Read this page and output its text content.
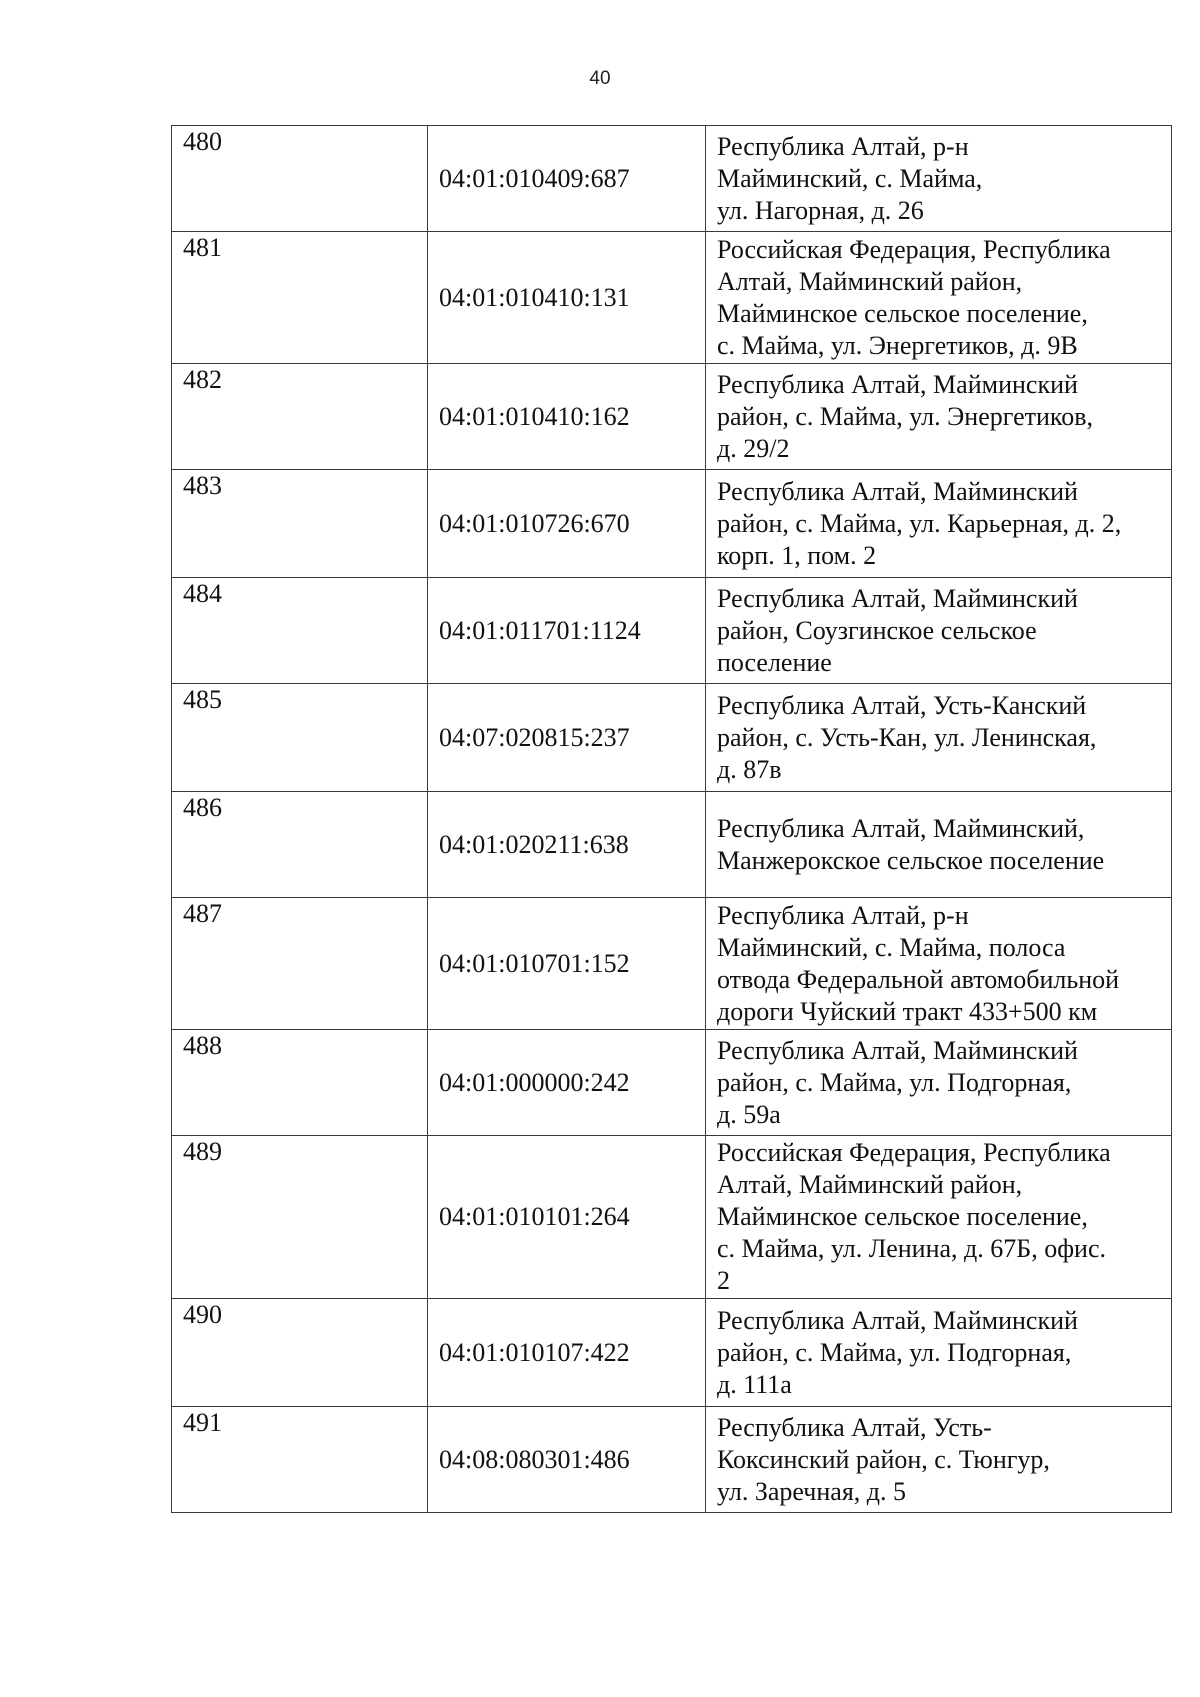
40
480	04:01:010409:687	Республика Алтай, р-н
Майминский, с. Майма,
ул. Нагорная, д. 26

481	04:01:010410:131	Российская Федерация, Республика
Алтай, Майминский район,
Майминское сельское поселение,
с. Майма, ул. Энергетиков, д. 9В

482	04:01:010410:162	Республика Алтай, Майминский
район, с. Майма, ул. Энергетиков,
д. 29/2

483	04:01:010726:670	Республика Алтай, Майминский
район, с. Майма, ул. Карьерная, д. 2,
корп. 1, пом. 2

484	04:01:011701:1124	Республика Алтай, Майминский
район, Соузгинское сельское
поселение

485	04:07:020815:237	Республика Алтай, Усть-Канский
район, с. Усть-Кан, ул. Ленинская,
д. 87в

486	04:01:020211:638	Республика Алтай, Майминский,
Манжерокское сельское поселение

487	04:01:010701:152	Республика Алтай, р-н
Майминский, с. Майма, полоса
отвода Федеральной автомобильной
дороги Чуйский тракт 433+500 км

488	04:01:000000:242	Республика Алтай, Майминский
район, с. Майма, ул. Подгорная,
д. 59а

489	04:01:010101:264	Российская Федерация, Республика
Алтай, Майминский район,
Майминское сельское поселение,
с. Майма, ул. Ленина, д. 67Б, офис.
2

490	04:01:010107:422	Республика Алтай, Майминский
район, с. Майма, ул. Подгорная,
д. 111а

491	04:08:080301:486	Республика Алтай, Усть-
Коксинский район, с. Тюнгур,
ул. Заречная, д. 5
